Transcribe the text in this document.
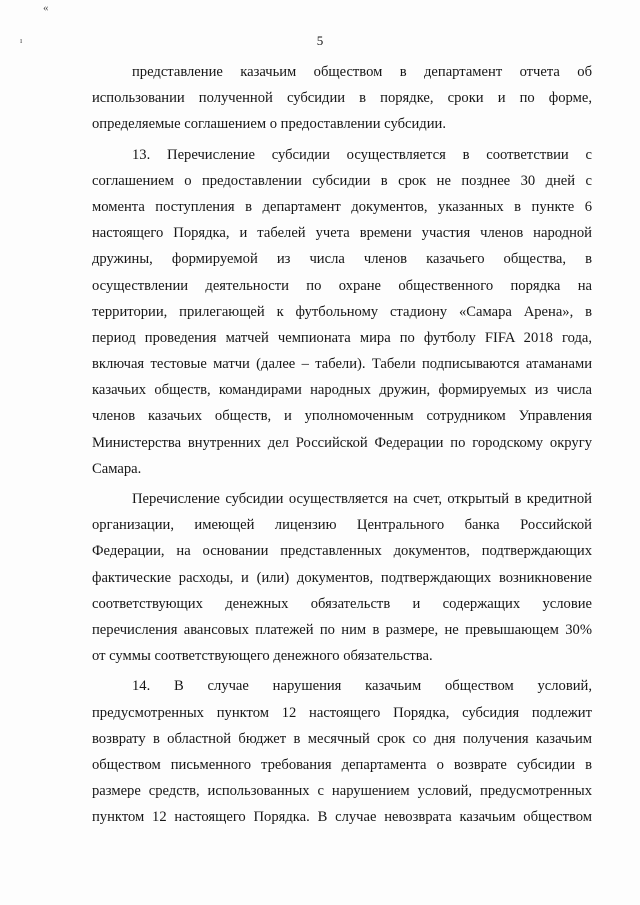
«
ı	5
представление казачьим обществом в департамент отчета об
использовании полученной субсидии в порядке, сроки и по форме,
определяемые соглашением о предоставлении субсидии.
13. Перечисление субсидии осуществляется в соответствии с
соглашением о предоставлении субсидии в срок не позднее 30 дней с
момента поступления в департамент документов, указанных в пункте 6
настоящего Порядка, и табелей учета времени участия членов народной
дружины, формируемой из числа членов казачьего общества, в
осуществлении деятельности по охране общественного порядка на
территории, прилегающей к футбольному стадиону «Самара Арена», в
период проведения матчей чемпионата мира по футболу FIFA 2018 года,
включая тестовые матчи (далее – табели). Табели подписываются атаманами
казачьих обществ, командирами народных дружин, формируемых из числа
членов казачьих обществ, и уполномоченным сотрудником Управления
Министерства внутренних дел Российской Федерации по городскому округу
Самара.
Перечисление субсидии осуществляется на счет, открытый в кредитной
организации, имеющей лицензию Центрального банка Российской
Федерации, на основании представленных документов, подтверждающих
фактические расходы, и (или) документов, подтверждающих возникновение
соответствующих денежных обязательств и содержащих условие
перечисления авансовых платежей по ним в размере, не превышающем 30%
от суммы соответствующего денежного обязательства.
14. В случае нарушения казачьим обществом условий,
предусмотренных пунктом 12 настоящего Порядка, субсидия подлежит
возврату в областной бюджет в месячный срок со дня получения казачьим
обществом письменного требования департамента о возврате субсидии в
размере средств, использованных с нарушением условий, предусмотренных
пунктом 12 настоящего Порядка. В случае невозврата казачьим обществом
